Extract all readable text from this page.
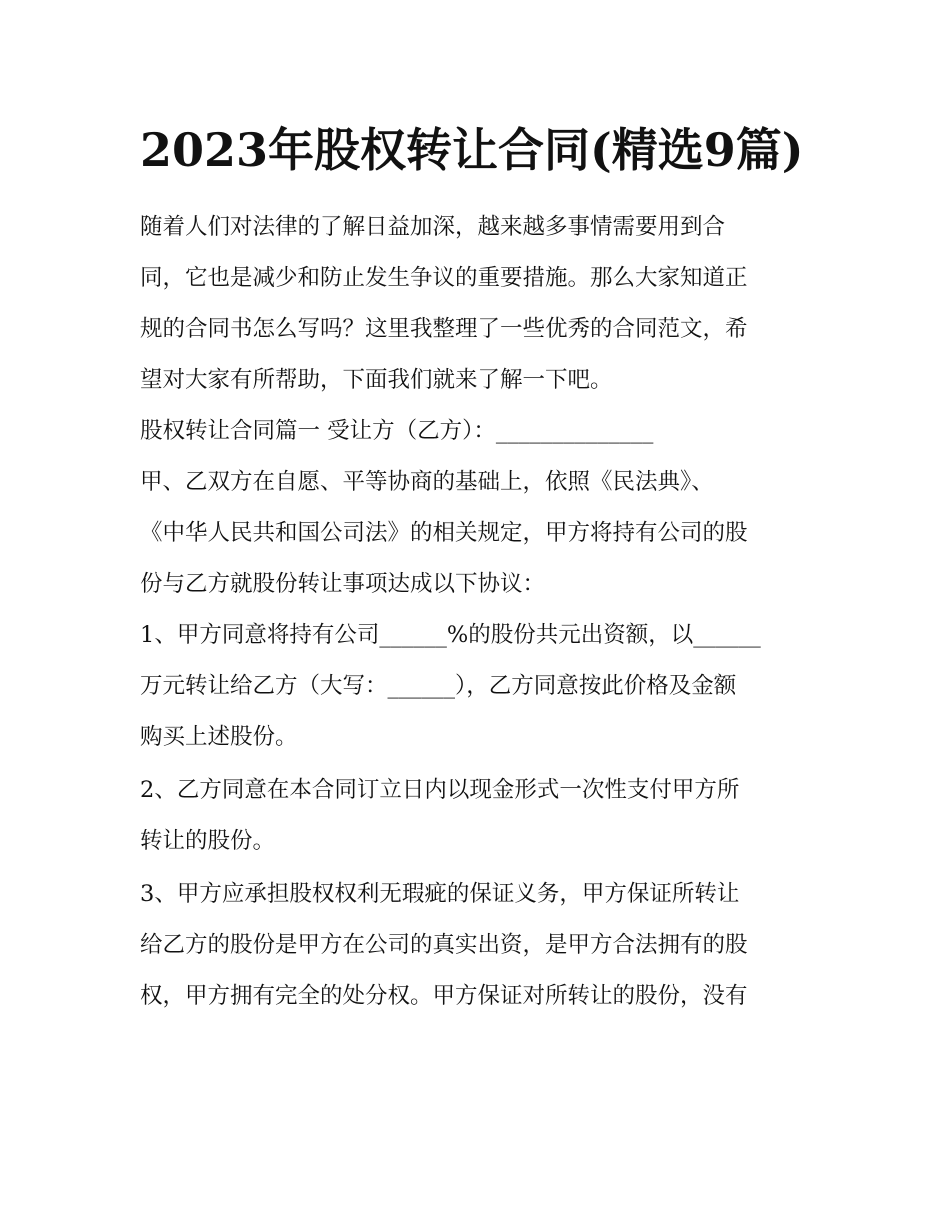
2023年股权转让合同(精选9篇)
随着人们对法律的了解日益加深，越来越多事情需要用到合
同，它也是减少和防止发生争议的重要措施。那么大家知道正
规的合同书怎么写吗？这里我整理了一些优秀的合同范文，希
望对大家有所帮助，下面我们就来了解一下吧。
股权转让合同篇一 受让方（乙方）：______________
甲、乙双方在自愿、平等协商的基础上，依照《民法典》、
《中华人民共和国公司法》的相关规定，甲方将持有公司的股
份与乙方就股份转让事项达成以下协议：
1、甲方同意将持有公司______%的股份共元出资额，以______
万元转让给乙方（大写：______），乙方同意按此价格及金额
购买上述股份。
2、乙方同意在本合同订立日内以现金形式一次性支付甲方所
转让的股份。
3、甲方应承担股权权利无瑕疵的保证义务，甲方保证所转让
给乙方的股份是甲方在公司的真实出资，是甲方合法拥有的股
权，甲方拥有完全的处分权。甲方保证对所转让的股份，没有
